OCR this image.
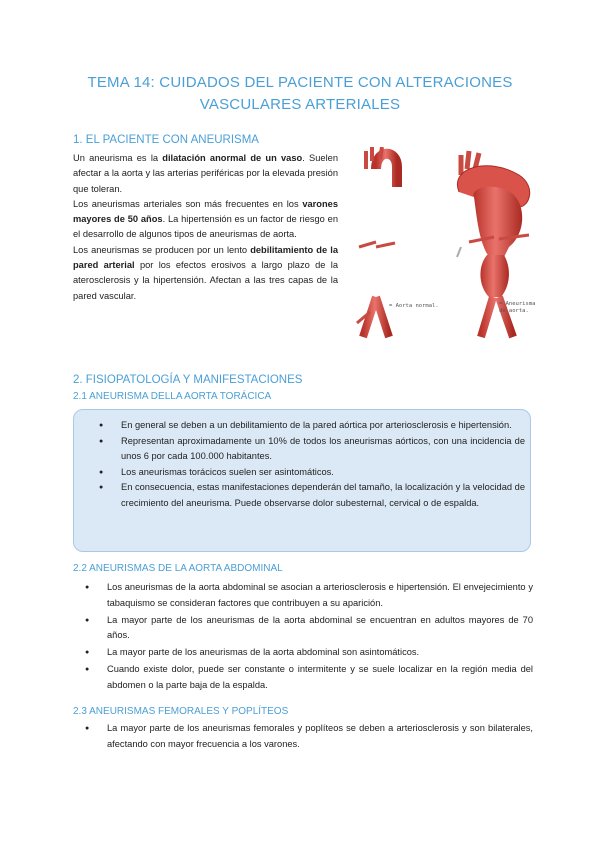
TEMA 14: CUIDADOS DEL PACIENTE CON ALTERACIONES
VASCULARES ARTERIALES
1. EL PACIENTE CON ANEURISMA

Un aneurisma es la dilatación anormal de un vaso. Suelen afectar a la aorta y las arterias periféricas por la elevada presión que toleran.

Los aneurismas arteriales son más frecuentes en los varones mayores de 50 años. La hipertensión es un factor de riesgo en el desarrollo de algunos tipos de aneurismas de aorta.

Los aneurismas se producen por un lento debilitamiento de la pared arterial por los efectos erosivos a largo plazo de la aterosclerosis y la hipertensión. Afectan a las tres capas de la pared vascular.

= Aorta normal.	= Aneurisma
de aorta.
2. FISIOPATOLOGÍA Y MANIFESTACIONES
2.1 ANEURISMA DELLA AORTA TORÁCICA
● En general se deben a un debilitamiento de la pared aórtica por arteriosclerosis e hipertensión.
● Representan aproximadamente un 10% de todos los aneurismas aórticos, con una incidencia de unos 6 por cada 100.000 habitantes.
● Los aneurismas torácicos suelen ser asintomáticos.
● En consecuencia, estas manifestaciones dependerán del tamaño, la localización y la velocidad de crecimiento del aneurisma. Puede observarse dolor subesternal, cervical o de espalda.
2.2 ANEURISMAS DE LA AORTA ABDOMINAL
● Los aneurismas de la aorta abdominal se asocian a arteriosclerosis e hipertensión. El envejecimiento y tabaquismo se consideran factores que contribuyen a su aparición.
● La mayor parte de los aneurismas de la aorta abdominal se encuentran en adultos mayores de 70 años.
● La mayor parte de los aneurismas de la aorta abdominal son asintomáticos.
● Cuando existe dolor, puede ser constante o intermitente y se suele localizar en la región media del abdomen o la parte baja de la espalda.
2.3 ANEURISMAS FEMORALES Y POPLÍTEOS
● La mayor parte de los aneurismas femorales y poplíteos se deben a arteriosclerosis y son bilaterales, afectando con mayor frecuencia a los varones.
